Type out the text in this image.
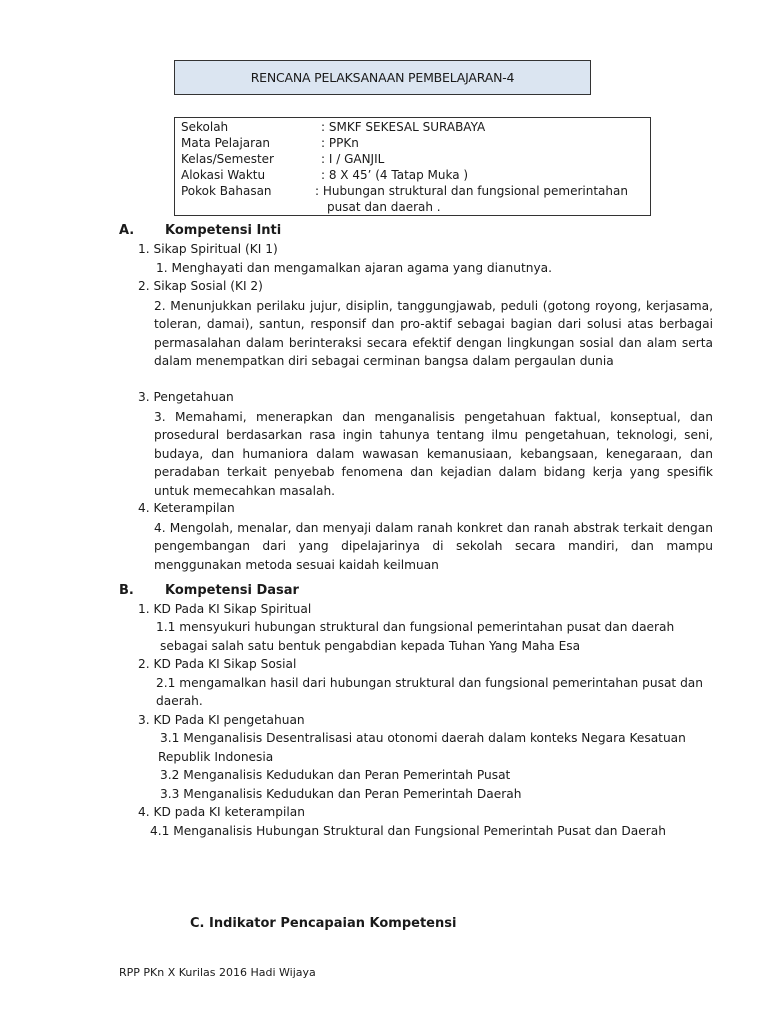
RENCANA PELAKSANAAN PEMBELAJARAN-4
Sekolah	: SMKF SEKESAL SURABAYA
Mata Pelajaran	: PPKn
Kelas/Semester	: I / GANJIL
Alokasi Waktu	: 8 X 45’ (4 Tatap Muka )
Pokok Bahasan	: Hubungan struktural dan fungsional pemerintahan
pusat dan daerah .
A. Kompetensi Inti
1. Sikap Spiritual (KI 1)
1. Menghayati dan mengamalkan ajaran agama yang dianutnya.
2. Sikap Sosial (KI 2)
2. Menunjukkan perilaku jujur, disiplin, tanggungjawab, peduli (gotong royong, kerjasama, toleran, damai), santun, responsif dan pro-aktif sebagai bagian dari solusi atas berbagai permasalahan dalam berinteraksi secara efektif dengan lingkungan sosial dan alam serta dalam menempatkan diri sebagai cerminan bangsa dalam pergaulan dunia
3. Pengetahuan
3. Memahami, menerapkan dan menganalisis pengetahuan faktual, konseptual, dan prosedural berdasarkan rasa ingin tahunya tentang ilmu pengetahuan, teknologi, seni, budaya, dan humaniora dalam wawasan kemanusiaan, kebangsaan, kenegaraan, dan peradaban terkait penyebab fenomena dan kejadian dalam bidang kerja yang spesifik untuk memecahkan masalah.
4. Keterampilan
4. Mengolah, menalar, dan menyaji dalam ranah konkret dan ranah abstrak terkait dengan pengembangan dari yang dipelajarinya di sekolah secara mandiri, dan mampu menggunakan metoda sesuai kaidah keilmuan
B. Kompetensi Dasar
1. KD Pada KI Sikap Spiritual
1.1 mensyukuri hubungan struktural dan fungsional pemerintahan pusat dan daerah
sebagai salah satu bentuk pengabdian kepada Tuhan Yang Maha Esa
2. KD Pada KI Sikap Sosial
2.1 mengamalkan hasil dari hubungan struktural dan fungsional pemerintahan pusat dan
daerah.
3. KD Pada KI pengetahuan
3.1 Menganalisis Desentralisasi atau otonomi daerah dalam konteks Negara Kesatuan
Republik Indonesia
3.2 Menganalisis Kedudukan dan Peran Pemerintah Pusat
3.3 Menganalisis Kedudukan dan Peran Pemerintah Daerah
4. KD pada KI keterampilan
4.1 Menganalisis Hubungan Struktural dan Fungsional Pemerintah Pusat dan Daerah
C. Indikator Pencapaian Kompetensi
RPP PKn X Kurilas 2016 Hadi Wijaya
